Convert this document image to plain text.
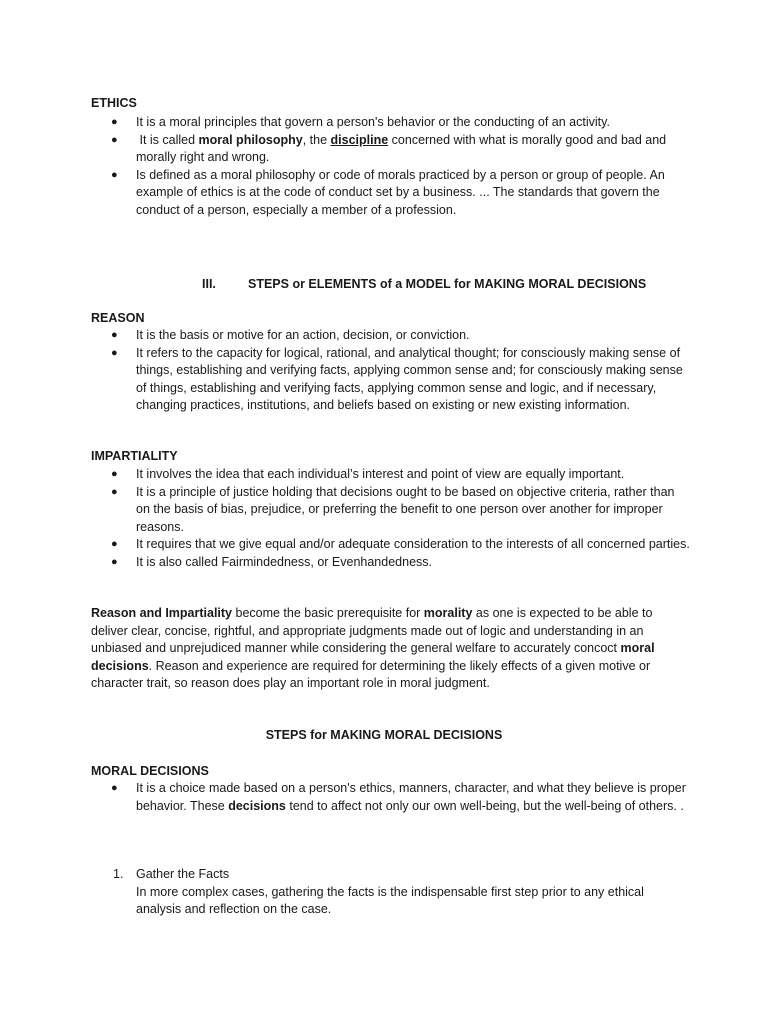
ETHICS
● It is a moral principles that govern a person's behavior or the conducting of an activity.
● It is called moral philosophy, the discipline concerned with what is morally good and bad and morally right and wrong.
● Is defined as a moral philosophy or code of morals practiced by a person or group of people. An example of ethics is at the code of conduct set by a business. ... The standards that govern the conduct of a person, especially a member of a profession.
III.	STEPS or ELEMENTS of a MODEL for MAKING MORAL DECISIONS
REASON
● It is the basis or motive for an action, decision, or conviction.
● It refers to the capacity for logical, rational, and analytical thought; for consciously making sense of things, establishing and verifying facts, applying common sense and; for consciously making sense of things, establishing and verifying facts, applying common sense and logic, and if necessary, changing practices, institutions, and beliefs based on existing or new existing information.
IMPARTIALITY
● It involves the idea that each individual’s interest and point of view are equally important.
● It is a principle of justice holding that decisions ought to be based on objective criteria, rather than on the basis of bias, prejudice, or preferring the benefit to one person over another for improper reasons.
● It requires that we give equal and/or adequate consideration to the interests of all concerned parties.
● It is also called Fairmindedness, or Evenhandedness.

Reason and Impartiality become the basic prerequisite for morality as one is expected to be able to deliver clear, concise, rightful, and appropriate judgments made out of logic and understanding in an unbiased and unprejudiced manner while considering the general welfare to accurately concoct moral decisions. Reason and experience are required for determining the likely effects of a given motive or character trait, so reason does play an important role in moral judgment.

STEPS for MAKING MORAL DECISIONS
MORAL DECISIONS
● It is a choice made based on a person's ethics, manners, character, and what they believe is proper behavior. These decisions tend to affect not only our own well-being, but the well-being of others. .
1. Gather the Facts
In more complex cases, gathering the facts is the indispensable first step prior to any ethical analysis and reflection on the case.
